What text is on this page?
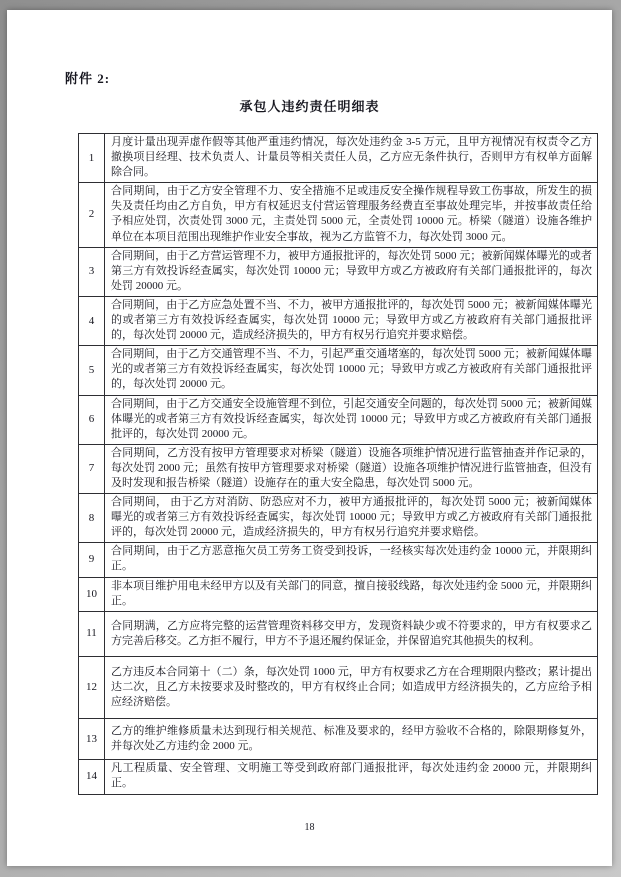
附件 2:
承包人违约责任明细表
1	月度计量出现弄虚作假等其他严重违约情况，每次处违约金 3-5 万元，且甲方视情况有权责令乙方撤换项目经理、技术负责人、计量员等相关责任人员，乙方应无条件执行，否则甲方有权单方面解除合同。
2	合同期间，由于乙方安全管理不力、安全措施不足或违反安全操作规程导致工伤事故，所发生的损失及责任均由乙方自负，甲方有权延迟支付营运管理服务经费直至事故处理完毕，并按事故责任给予相应处罚，次责处罚 3000 元，主责处罚 5000 元，全责处罚 10000 元。桥梁（隧道）设施各维护单位在本项目范围出现维护作业安全事故，视为乙方监管不力，每次处罚 3000 元。
3	合同期间，由于乙方营运管理不力，被甲方通报批评的，每次处罚 5000 元；被新闻媒体曝光的或者第三方有效投诉经查属实，每次处罚 10000 元；导致甲方或乙方被政府有关部门通报批评的，每次处罚 20000 元。
4	合同期间，由于乙方应急处置不当、不力，被甲方通报批评的，每次处罚 5000 元；被新闻媒体曝光的或者第三方有效投诉经查属实，每次处罚 10000 元；导致甲方或乙方被政府有关部门通报批评的，每次处罚 20000 元，造成经济损失的，甲方有权另行追究并要求赔偿。
5	合同期间，由于乙方交通管理不当、不力，引起严重交通堵塞的，每次处罚 5000 元；被新闻媒体曝光的或者第三方有效投诉经查属实，每次处罚 10000 元；导致甲方或乙方被政府有关部门通报批评的，每次处罚 20000 元。
6	合同期间，由于乙方交通安全设施管理不到位，引起交通安全问题的，每次处罚 5000 元；被新闻媒体曝光的或者第三方有效投诉经查属实，每次处罚 10000 元；导致甲方或乙方被政府有关部门通报批评的，每次处罚 20000 元。
7	合同期间，乙方没有按甲方管理要求对桥梁（隧道）设施各项维护情况进行监管抽查并作记录的，每次处罚 2000 元；虽然有按甲方管理要求对桥梁（隧道）设施各项维护情况进行监管抽查，但没有及时发现和报告桥梁（隧道）设施存在的重大安全隐患，每次处罚 5000 元。
8	合同期间， 由于乙方对消防、防恐应对不力，被甲方通报批评的，每次处罚 5000 元；被新闻媒体曝光的或者第三方有效投诉经查属实，每次处罚 10000 元；导致甲方或乙方被政府有关部门通报批评的，每次处罚 20000 元，造成经济损失的，甲方有权另行追究并要求赔偿。
9	合同期间，由于乙方恶意拖欠员工劳务工资受到投诉，一经核实每次处违约金 10000 元，并限期纠正。
10	非本项目维护用电未经甲方以及有关部门的同意，擅自接驳线路，每次处违约金 5000 元，并限期纠正。
11	合同期满，乙方应将完整的运营管理资料移交甲方，发现资料缺少或不符要求的，甲方有权要求乙方完善后移交。乙方拒不履行，甲方不予退还履约保证金，并保留追究其他损失的权利。
12	乙方违反本合同第十（二）条，每次处罚 1000 元，甲方有权要求乙方在合理期限内整改；累计提出达二次，且乙方未按要求及时整改的，甲方有权终止合同；如造成甲方经济损失的，乙方应给予相应经济赔偿。
13	乙方的维护维修质量未达到现行相关规范、标准及要求的，经甲方验收不合格的，除限期修复外，并每次处乙方违约金 2000 元。
14	凡工程质量、安全管理、文明施工等受到政府部门通报批评，每次处违约金 20000 元，并限期纠正。
18
